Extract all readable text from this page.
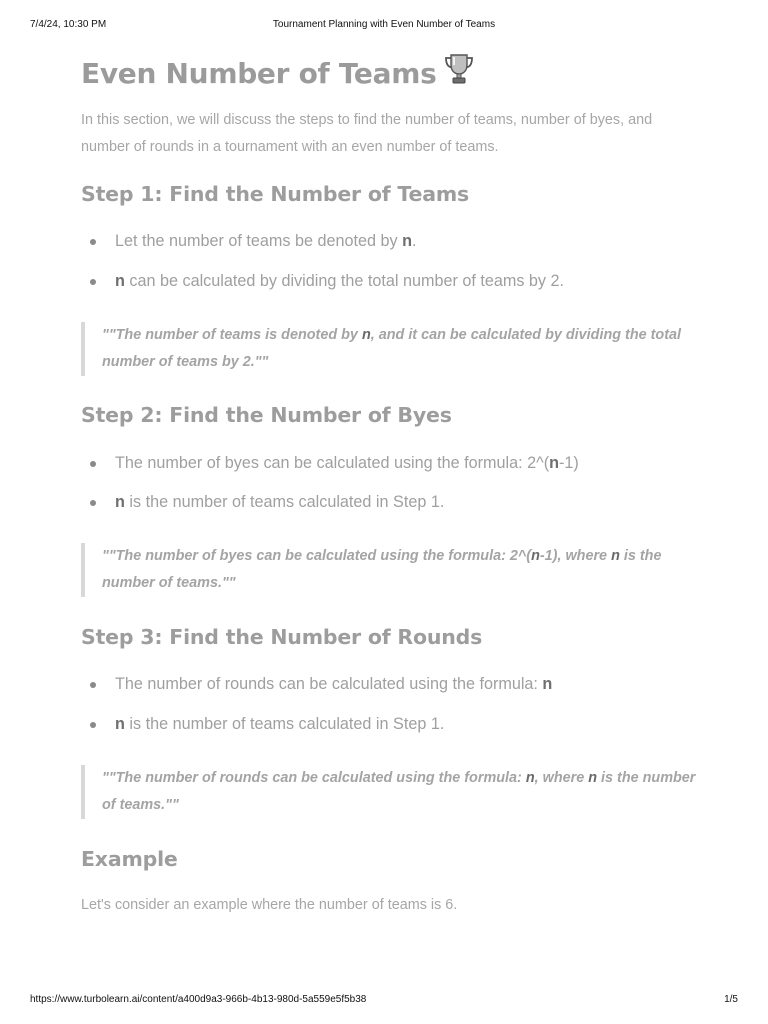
7/4/24, 10:30 PM	Tournament Planning with Even Number of Teams
Even Number of Teams

In this section, we will discuss the steps to find the number of teams, number of byes, and number of rounds in a tournament with an even number of teams.

Step 1: Find the Number of Teams

Let the number of teams be denoted by n.

n can be calculated by dividing the total number of teams by 2.

""The number of teams is denoted by n, and it can be calculated by dividing the total number of teams by 2.""

Step 2: Find the Number of Byes

The number of byes can be calculated using the formula: 2^(n-1)

n is the number of teams calculated in Step 1.

""The number of byes can be calculated using the formula: 2^(n-1), where n is the number of teams.""

Step 3: Find the Number of Rounds

The number of rounds can be calculated using the formula: n

n is the number of teams calculated in Step 1.

""The number of rounds can be calculated using the formula: n, where n is the number of teams.""

Example

Let's consider an example where the number of teams is 6.

https://www.turbolearn.ai/content/a400d9a3-966b-4b13-980d-5a559e5f5b38	1/5
